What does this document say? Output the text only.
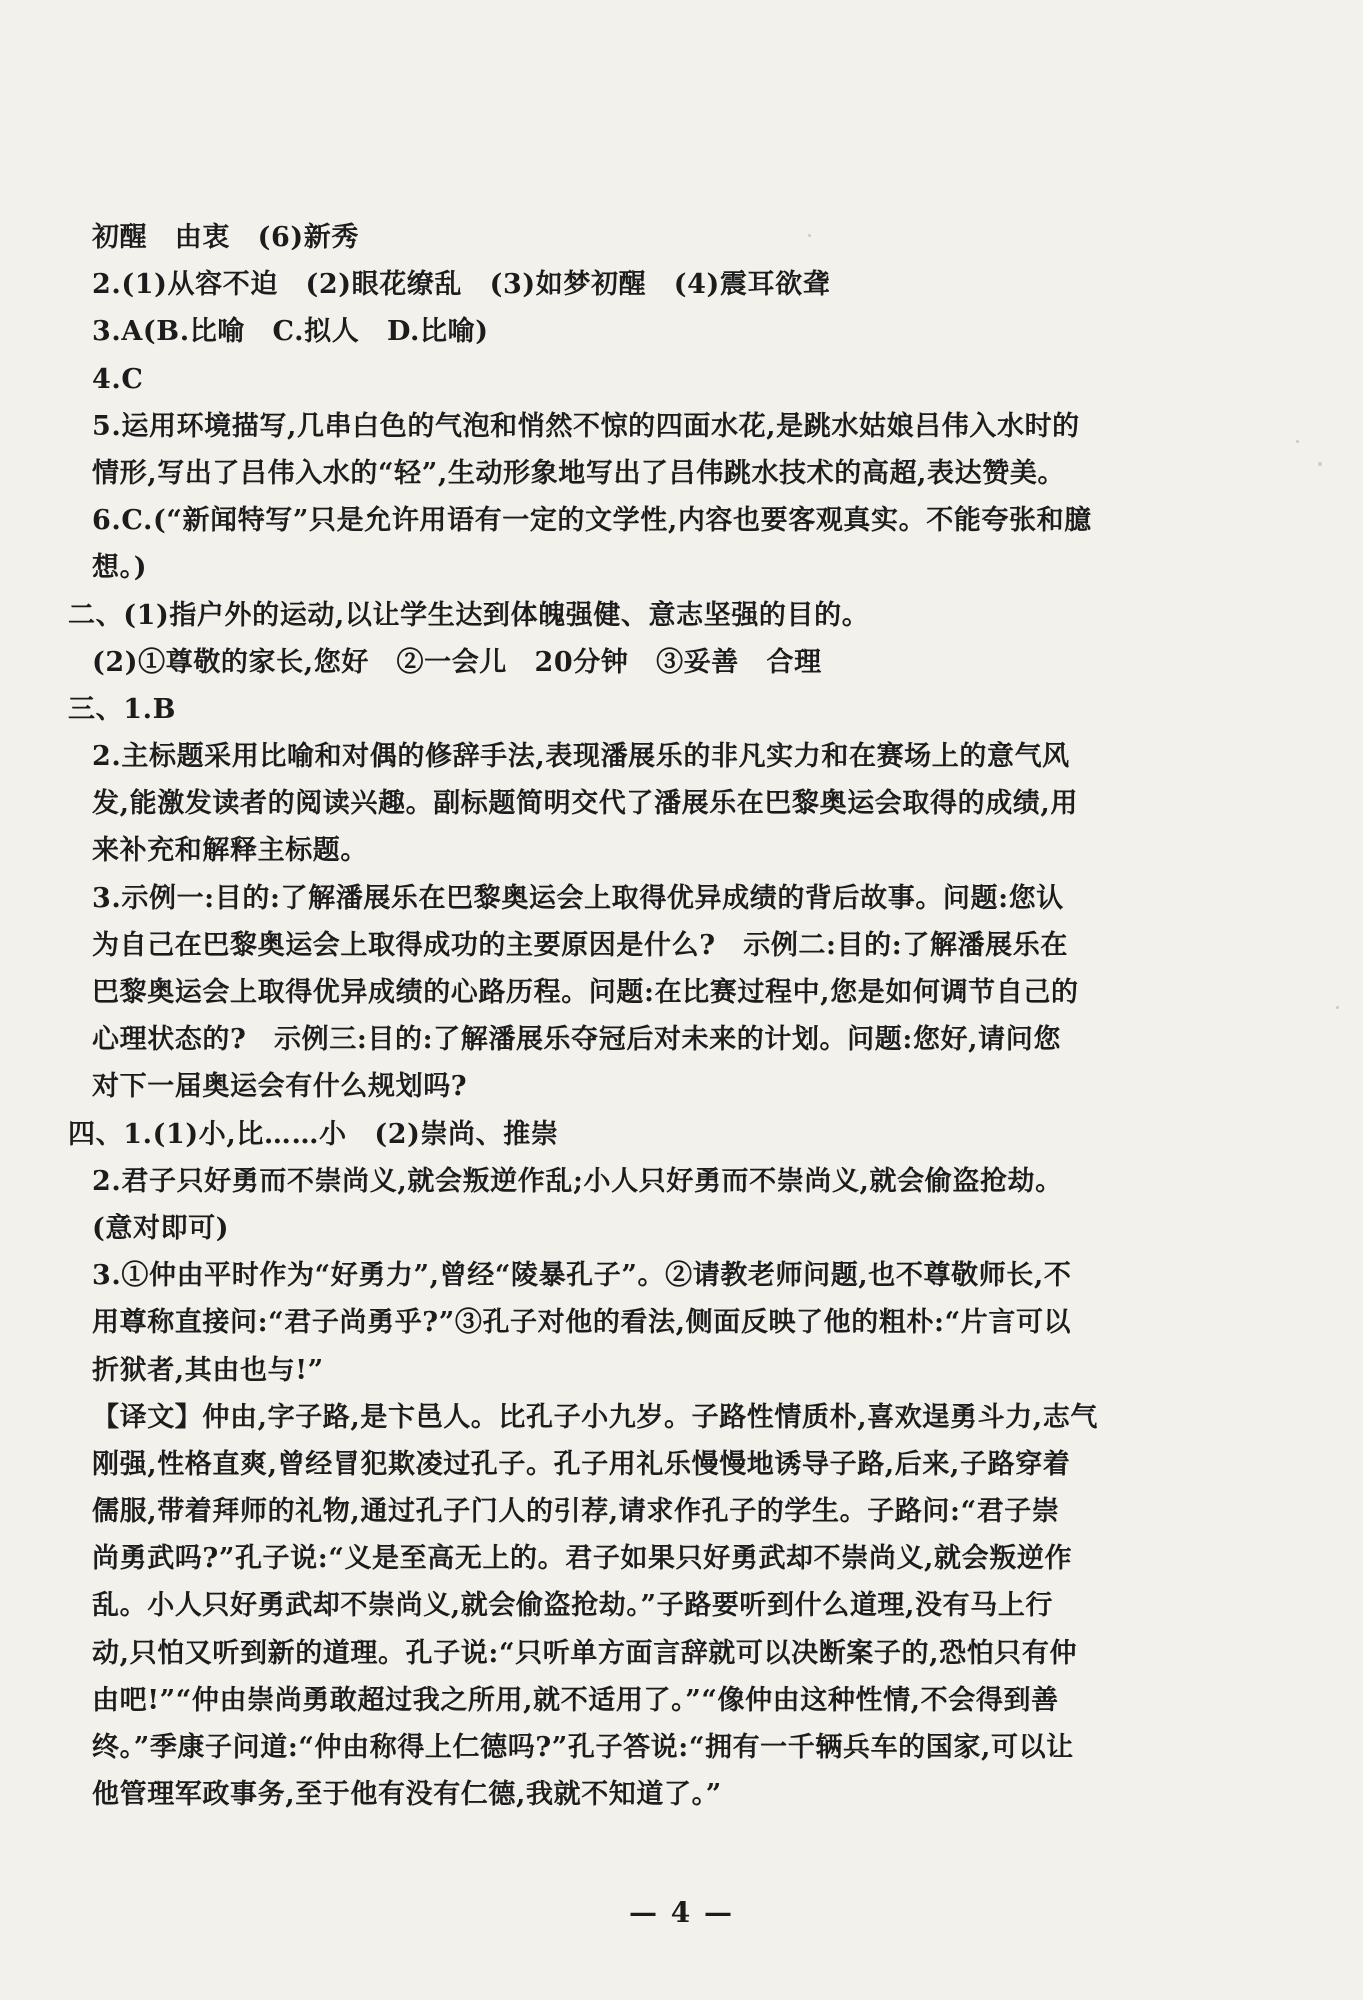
初醒　由衷　(6)新秀
2.(1)从容不迫　(2)眼花缭乱　(3)如梦初醒　(4)震耳欲聋
3.A(B.比喻　C.拟人　D.比喻)
4.C
5.运用环境描写,几串白色的气泡和悄然不惊的四面水花,是跳水姑娘吕伟入水时的
情形,写出了吕伟入水的“轻”,生动形象地写出了吕伟跳水技术的高超,表达赞美。
6.C.(“新闻特写”只是允许用语有一定的文学性,内容也要客观真实。不能夸张和臆
想。)
二、(1)指户外的运动,以让学生达到体魄强健、意志坚强的目的。
(2)①尊敬的家长,您好　②一会儿　20分钟　③妥善　合理
三、1.B
2.主标题采用比喻和对偶的修辞手法,表现潘展乐的非凡实力和在赛场上的意气风
发,能激发读者的阅读兴趣。副标题简明交代了潘展乐在巴黎奥运会取得的成绩,用
来补充和解释主标题。
3.示例一:目的:了解潘展乐在巴黎奥运会上取得优异成绩的背后故事。问题:您认
为自己在巴黎奥运会上取得成功的主要原因是什么?　示例二:目的:了解潘展乐在
巴黎奥运会上取得优异成绩的心路历程。问题:在比赛过程中,您是如何调节自己的
心理状态的?　示例三:目的:了解潘展乐夺冠后对未来的计划。问题:您好,请问您
对下一届奥运会有什么规划吗?
四、1.(1)小,比……小　(2)崇尚、推崇
2.君子只好勇而不崇尚义,就会叛逆作乱;小人只好勇而不崇尚义,就会偷盗抢劫。
(意对即可)
3.①仲由平时作为“好勇力”,曾经“陵暴孔子”。②请教老师问题,也不尊敬师长,不
用尊称直接问:“君子尚勇乎?”③孔子对他的看法,侧面反映了他的粗朴:“片言可以
折狱者,其由也与!”
【译文】仲由,字子路,是卞邑人。比孔子小九岁。子路性情质朴,喜欢逞勇斗力,志气
刚强,性格直爽,曾经冒犯欺凌过孔子。孔子用礼乐慢慢地诱导子路,后来,子路穿着
儒服,带着拜师的礼物,通过孔子门人的引荐,请求作孔子的学生。子路问:“君子崇
尚勇武吗?”孔子说:“义是至高无上的。君子如果只好勇武却不崇尚义,就会叛逆作
乱。小人只好勇武却不崇尚义,就会偷盗抢劫。”子路要听到什么道理,没有马上行
动,只怕又听到新的道理。孔子说:“只听单方面言辞就可以决断案子的,恐怕只有仲
由吧!”“仲由崇尚勇敢超过我之所用,就不适用了。”“像仲由这种性情,不会得到善
终。”季康子问道:“仲由称得上仁德吗?”孔子答说:“拥有一千辆兵车的国家,可以让
他管理军政事务,至于他有没有仁德,我就不知道了。”
— 4 —
